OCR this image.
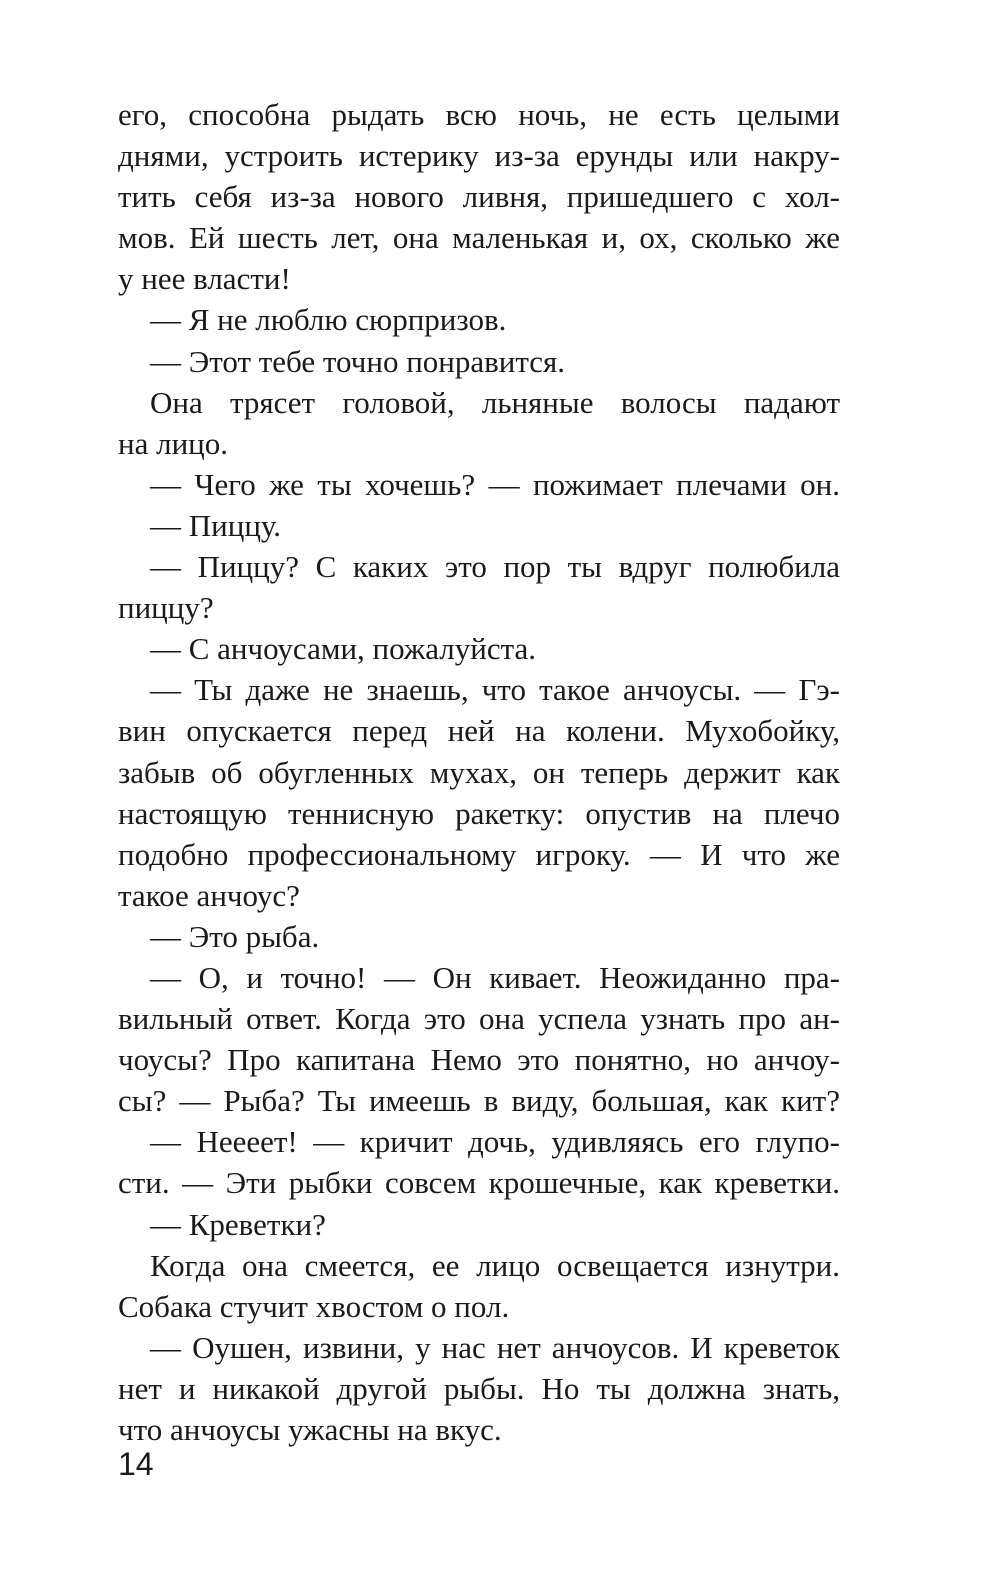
его, способна рыдать всю ночь, не есть целыми
днями, устроить истерику из-за ерунды или накру-
тить себя из-за нового ливня, пришедшего с хол-
мов. Ей шесть лет, она маленькая и, ох, сколько же
у нее власти!
— Я не люблю сюрпризов.
— Этот тебе точно понравится.
Она трясет головой, льняные волосы падают
на лицо.
— Чего же ты хочешь? — пожимает плечами он.
— Пиццу.
— Пиццу? С каких это пор ты вдруг полюбила
пиццу?
— С анчоусами, пожалуйста.
— Ты даже не знаешь, что такое анчоусы. — Гэ-
вин опускается перед ней на колени. Мухобойку,
забыв об обугленных мухах, он теперь держит как
настоящую теннисную ракетку: опустив на плечо
подобно профессиональному игроку. — И что же
такое анчоус?
— Это рыба.
— О, и точно! — Он кивает. Неожиданно пра-
вильный ответ. Когда это она успела узнать про ан-
чоусы? Про капитана Немо это понятно, но анчоу-
сы? — Рыба? Ты имеешь в виду, большая, как кит?
— Нееeет! — кричит дочь, удивляясь его глупо-
сти. — Эти рыбки совсем крошечные, как креветки.
— Креветки?
Когда она смеется, ее лицо освещается изнутри.
Собака стучит хвостом о пол.
— Оушен, извини, у нас нет анчоусов. И креветок
нет и никакой другой рыбы. Но ты должна знать,
что анчоусы ужасны на вкус.
14
